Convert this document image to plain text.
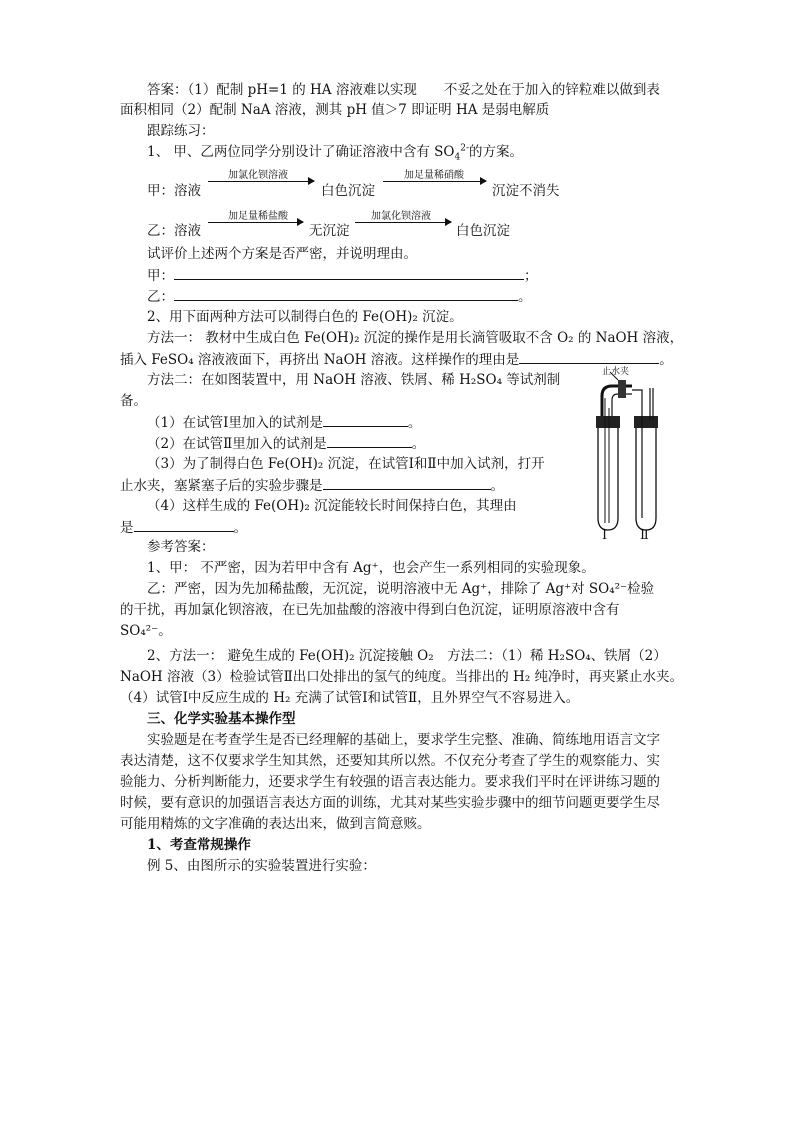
答案：（1）配制 pH=1 的 HA 溶液难以实现　　不妥之处在于加入的锌粒难以做到表
面积相同（2）配制 NaA 溶液，测其 pH 值＞7 即证明 HA 是弱电解质
跟踪练习：
1、 甲、乙两位同学分别设计了确证溶液中含有 $SO_4^{2-}$的方案。
甲：溶液
加氯化钡溶液
白色沉淀
加足量稀硝酸
沉淀不消失
乙：溶液
加足量稀盐酸
无沉淀
加氯化钡溶液
白色沉淀
试评价上述两个方案是否严密，并说明理由。
甲：	；
乙：	。
2、用下面两种方法可以制得白色的 Fe(OH)₂ 沉淀。
方法一： 教材中生成白色 Fe(OH)₂ 沉淀的操作是用长滴管吸取不含 O₂ 的 NaOH 溶液，
插入 FeSO₄ 溶液液面下，再挤出 NaOH 溶液。这样操作的理由是	。
方法二：在如图装置中，用 NaOH 溶液、铁屑、稀 H₂SO₄ 等试剂制
备。
（1）在试管Ⅰ里加入的试剂是	。
（2）在试管Ⅱ里加入的试剂是	。
（3）为了制得白色 Fe(OH)₂ 沉淀，在试管Ⅰ和Ⅱ中加入试剂，打开
止水夹，塞紧塞子后的实验步骤是	。
（4）这样生成的 Fe(OH)₂ 沉淀能较长时间保持白色，其理由
是	。
止水夹
Ⅰ	Ⅱ
参考答案：
1、甲： 不严密，因为若甲中含有 Ag⁺，也会产生一系列相同的实验现象。
乙：严密，因为先加稀盐酸，无沉淀，说明溶液中无 Ag⁺，排除了 Ag⁺对 SO₄²⁻检验
的干扰，再加氯化钡溶液，在已先加盐酸的溶液中得到白色沉淀，证明原溶液中含有
SO₄²⁻。
2、方法一： 避免生成的 Fe(OH)₂ 沉淀接触 O₂　方法二：（1）稀 H₂SO₄、铁屑（2）
NaOH 溶液（3）检验试管Ⅱ出口处排出的氢气的纯度。当排出的 H₂ 纯净时，再夹紧止水夹。
（4）试管Ⅰ中反应生成的 H₂ 充满了试管Ⅰ和试管Ⅱ，且外界空气不容易进入。
三、化学实验基本操作型
实验题是在考查学生是否已经理解的基础上，要求学生完整、准确、简练地用语言文字
表达清楚，这不仅要求学生知其然，还要知其所以然。不仅充分考查了学生的观察能力、实
验能力、分析判断能力，还要求学生有较强的语言表达能力。要求我们平时在评讲练习题的
时候，要有意识的加强语言表达方面的训练，尤其对某些实验步骤中的细节问题更要学生尽
可能用精炼的文字准确的表达出来，做到言简意赅。
1、考查常规操作
例 5、由图所示的实验装置进行实验：
